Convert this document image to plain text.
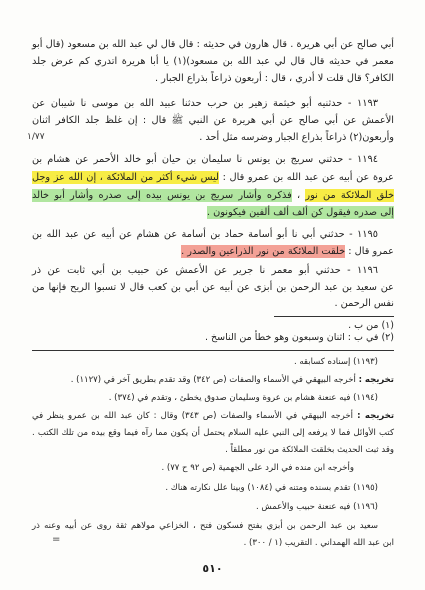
أبي صالح عن أبي هريرة . قال هارون في حديثه : قال قال لي عبد الله بن مسعود (قال أبو
معمر في حديثه قال قال لي عبد الله بن مسعود)(١) يا أبا هريرة اتدري كم عرض جلد
الكافر؟ قال قلت لا أدري ، قال : أربعون ذراعاً بذراع الجبار .
١١٩٣ - حدثنيه أبو خيثمة زهير بن حرب حدثنا عبيد الله بن موسى نا شيبان عن
الأعمش عن أبي صالح عن أبي هريرة عن النبي ﷺ قال : إن غلظ جلد الكافر اثنان
وأربعون(٢) ذراعاً بذراع الجبار وضرسه مثل أحد .
١/٧٧
١١٩٤ - حدثني سريج بن يونس نا سليمان بن حيان أبو خالد الأحمر عن هشام بن
عروة عن أبيه عن عبد الله بن عمرو قال : ليس شيء أكثر من الملائكة ، إن الله عز وجل
خلق الملائكة من نور ، فذكره وأشار سريج بن يونس بيده إلى صدره وأشار أبو خالد
إلى صدره فيقول كن ألف ألف ألفين فيكونون .
١١٩٥ - حدثني أبي نا أبو أسامة حماد بن أسامة عن هشام عن أبيه عن عبد الله بن
عمرو قال : خلقت الملائكة من نور الذراعين والصدر .
١١٩٦ - حدثني أبو معمر نا جرير عن الأعمش عن حبيب بن أبي ثابت عن ذر
عن سعيد بن عبد الرحمن بن أبزى عن أبيه عن أبي بن كعب قال لا تسبوا الريح فإنها من
نفس الرحمن .
(١) من ب .
(٢) في ب : اثنان وسبعون وهو خطأ من الناسخ .
(١١٩٣) إسناده كسابقه .
تخريجه : أخرجه البيهقي في الأسماء والصفات (ص ٣٤٢) وقد تقدم بطريق آخر في (١١٢٧) .
(١١٩٤) فيه عنعنة هشام بن عروة وسليمان صدوق يخطئ ، وتقدم في (٣٧٤) .
تخريجه : أخرجه البيهقي في الأسماء والصفات (ص ٣٤٣) وقال : كان عبد الله بن عمرو ينظر في
كتب الأوائل فما لا يرفعه إلى النبي عليه السلام يحتمل أن يكون مما رآه فيما وقع بيده من تلك الكتب .
وقد ثبت الحديث بخلقت الملائكة من نور مطلقاً .
وأخرجه ابن منده في الرد على الجهمية (ص ٩٢ ح ٧٧) .
(١١٩٥) تقدم بسنده ومتنه في (١٠٨٤) وبينا علل نكارته هناك .
(١١٩٦) فيه عنعنة حبيب والأعمش .
سعيد بن عبد الرحمن بن أبزي بفتح فسكون فتح ، الخزاعي مولاهم ثقة روى عن أبيه وعنه ذر
ابن عبد الله الهمداني . التقريب (١ / ٣٠٠) .
=
٥١٠
